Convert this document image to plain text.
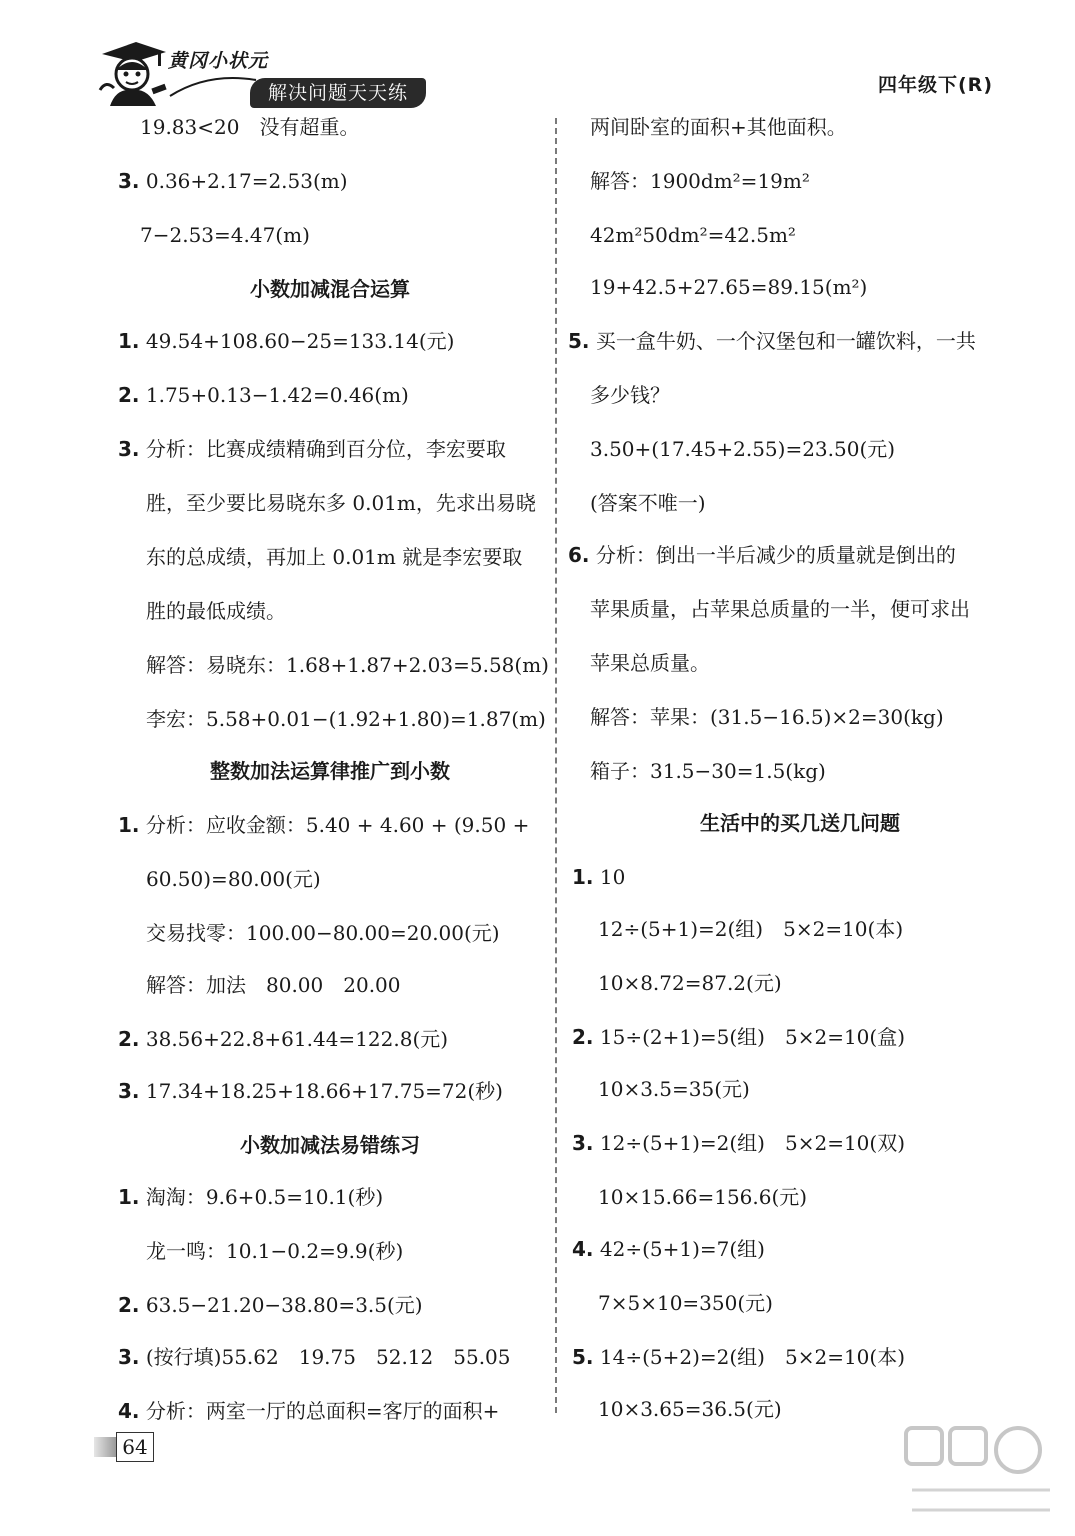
黄冈小状元
解决问题天天练	四年级下(R)
19.83<20　没有超重。
3. 0.36+2.17=2.53(m)
7−2.53=4.47(m)
小数加减混合运算
1. 49.54+108.60−25=133.14(元)
2. 1.75+0.13−1.42=0.46(m)
3. 分析：比赛成绩精确到百分位，李宏要取
胜，至少要比易晓东多 0.01m，先求出易晓
东的总成绩，再加上 0.01m 就是李宏要取
胜的最低成绩。
解答：易晓东：1.68+1.87+2.03=5.58(m)
李宏：5.58+0.01−(1.92+1.80)=1.87(m)
整数加法运算律推广到小数
1. 分析：应收金额：5.40 + 4.60 + (9.50 +
60.50)=80.00(元)
交易找零：100.00−80.00=20.00(元)
解答：加法　80.00　20.00
2. 38.56+22.8+61.44=122.8(元)
3. 17.34+18.25+18.66+17.75=72(秒)
小数加减法易错练习
1. 淘淘：9.6+0.5=10.1(秒)
龙一鸣：10.1−0.2=9.9(秒)
2. 63.5−21.20−38.80=3.5(元)
3. (按行填)55.62　19.75　52.12　55.05
4. 分析：两室一厅的总面积=客厅的面积+
两间卧室的面积+其他面积。
解答：1900dm²=19m²
42m²50dm²=42.5m²
19+42.5+27.65=89.15(m²)
5. 买一盒牛奶、一个汉堡包和一罐饮料，一共
多少钱？
3.50+(17.45+2.55)=23.50(元)
(答案不唯一)
6. 分析：倒出一半后减少的质量就是倒出的
苹果质量，占苹果总质量的一半，便可求出
苹果总质量。
解答：苹果：(31.5−16.5)×2=30(kg)
箱子：31.5−30=1.5(kg)
生活中的买几送几问题
1. 10
12÷(5+1)=2(组)　5×2=10(本)
10×8.72=87.2(元)
2. 15÷(2+1)=5(组)　5×2=10(盒)
10×3.5=35(元)
3. 12÷(5+1)=2(组)　5×2=10(双)
10×15.66=156.6(元)
4. 42÷(5+1)=7(组)
7×5×10=350(元)
5. 14÷(5+2)=2(组)　5×2=10(本)
10×3.65=36.5(元)
64
